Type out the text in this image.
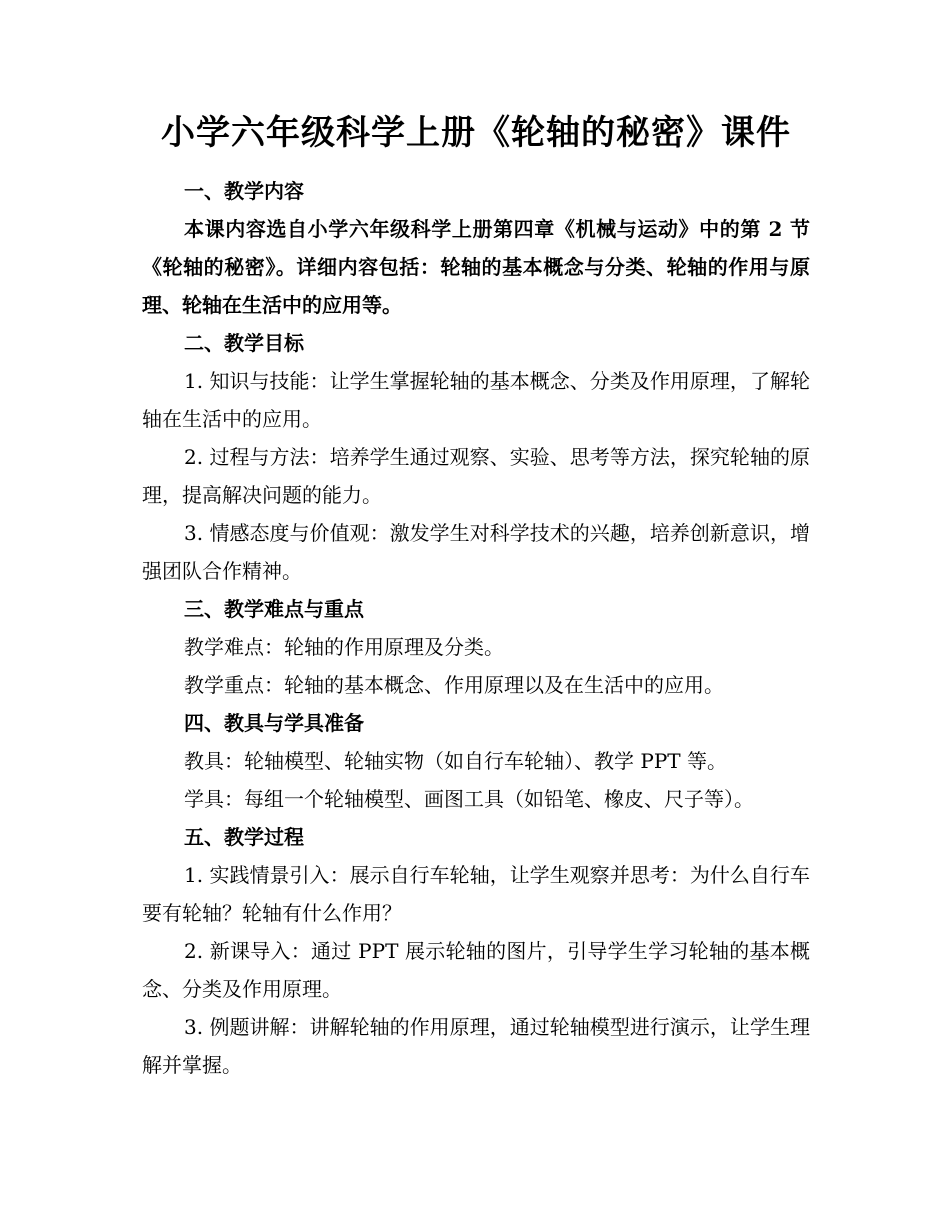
小学六年级科学上册《轮轴的秘密》课件
一、教学内容

本课内容选自小学六年级科学上册第四章《机械与运动》中的第 2 节《轮轴的秘密》。详细内容包括：轮轴的基本概念与分类、轮轴的作用与原理、轮轴在生活中的应用等。

二、教学目标

1. 知识与技能：让学生掌握轮轴的基本概念、分类及作用原理，了解轮轴在生活中的应用。

2. 过程与方法：培养学生通过观察、实验、思考等方法，探究轮轴的原理，提高解决问题的能力。

3. 情感态度与价值观：激发学生对科学技术的兴趣，培养创新意识，增强团队合作精神。

三、教学难点与重点

教学难点：轮轴的作用原理及分类。

教学重点：轮轴的基本概念、作用原理以及在生活中的应用。

四、教具与学具准备

教具：轮轴模型、轮轴实物（如自行车轮轴）、教学 PPT 等。

学具：每组一个轮轴模型、画图工具（如铅笔、橡皮、尺子等）。

五、教学过程

1. 实践情景引入：展示自行车轮轴，让学生观察并思考：为什么自行车要有轮轴？轮轴有什么作用？

2. 新课导入：通过 PPT 展示轮轴的图片，引导学生学习轮轴的基本概念、分类及作用原理。

3. 例题讲解：讲解轮轴的作用原理，通过轮轴模型进行演示，让学生理解并掌握。
